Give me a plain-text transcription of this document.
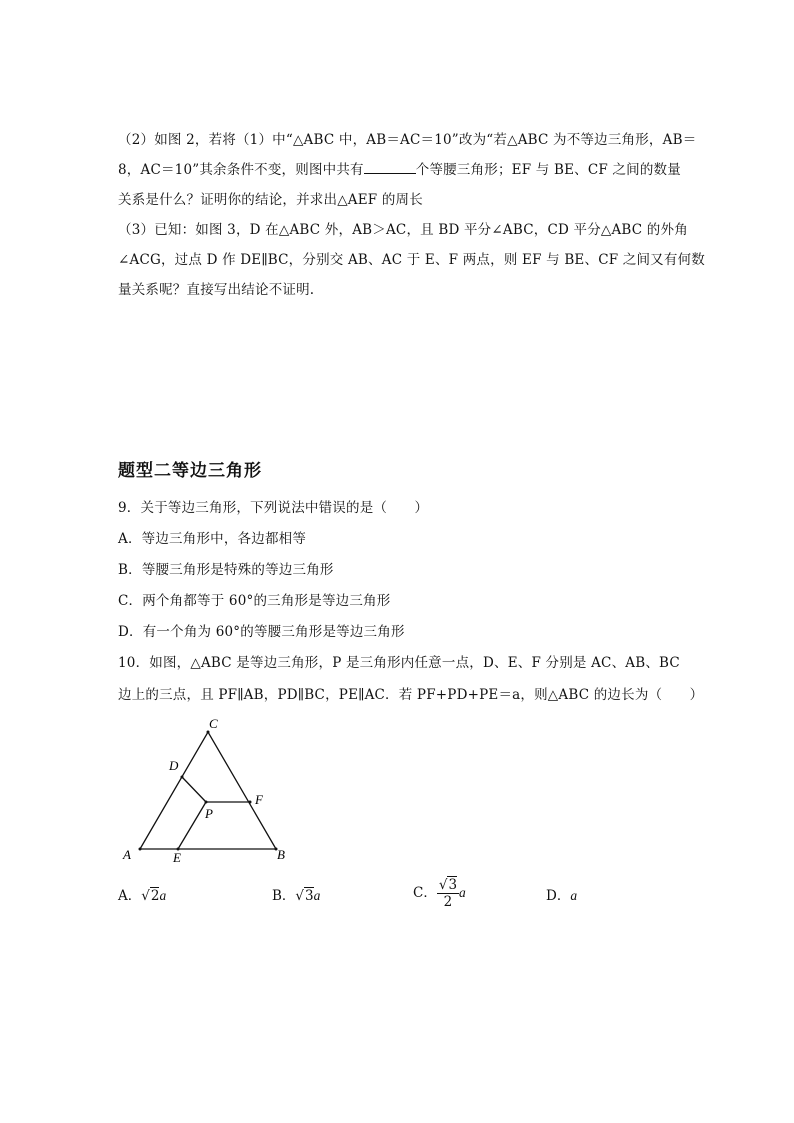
（2）如图 2，若将（1）中“△ABC 中，AB＝AC＝10”改为“若△ABC 为不等边三角形，AB＝
8，AC＝10”其余条件不变，则图中共有	个等腰三角形；EF 与 BE、CF 之间的数量
关系是什么？证明你的结论，并求出△AEF 的周长
（3）已知：如图 3，D 在△ABC 外，AB＞AC，且 BD 平分∠ABC，CD 平分△ABC 的外角
∠ACG，过点 D 作 DE∥BC，分别交 AB、AC 于 E、F 两点，则 EF 与 BE、CF 之间又有何数
量关系呢？直接写出结论不证明.
题型二等边三角形
9．关于等边三角形，下列说法中错误的是（　　）
A．等边三角形中，各边都相等
B．等腰三角形是特殊的等边三角形
C．两个角都等于 60°的三角形是等边三角形
D．有一个角为 60°的等腰三角形是等边三角形
10．如图，△ABC 是等边三角形，P 是三角形内任意一点，D、E、F 分别是 AC、AB、BC
边上的三点，且 PF∥AB，PD∥BC，PE∥AC．若 PF+PD+PE＝a，则△ABC 的边长为（　　）
C
D
F
P
A	E	B
A．√2a	B．√3a	C． $\frac{√3}{2}$ a	D．a
